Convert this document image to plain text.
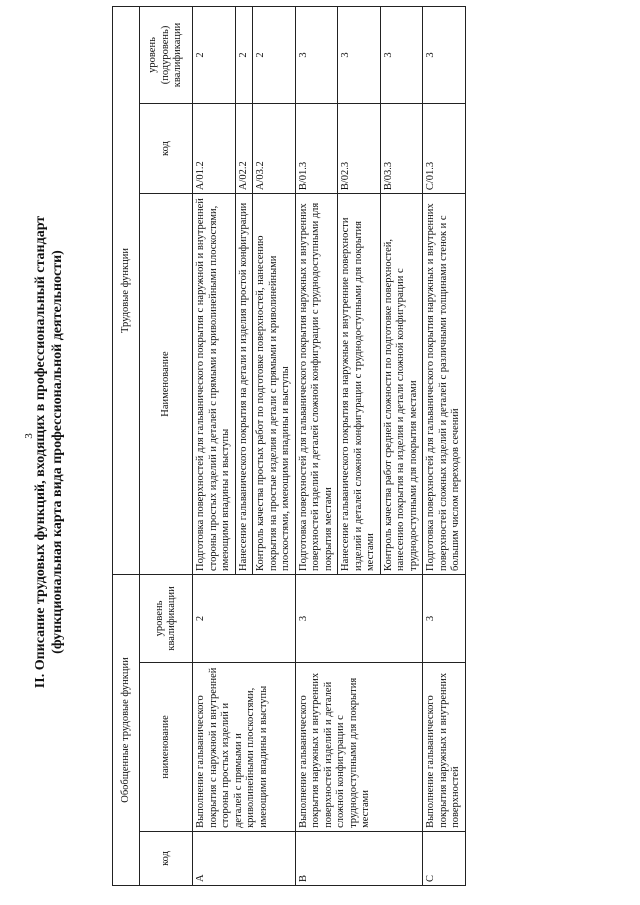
3
II. Описание трудовых функций, входящих в профессиональный стандарт (функциональная карта вида профессиональной деятельности)
Обобщенные трудовые функции			Трудовые функции		
код	наименование	уровень квалификации	Наименование	код	уровень (подуровень) квалификации
A	Выполнение гальванического покрытия с наружной и внутренней стороны простых изделий и деталей с прямыми и криволинейными плоскостями, имеющими впадины и выступы	2	Подготовка поверхностей для гальванического покрытия с наружной и внутренней стороны простых изделий и деталей с прямыми и криволинейными плоскостями, имеющими впадины и выступы	A/01.2	2
			Нанесение гальванического покрытия на детали и изделия простой конфигурации	A/02.2	2
			Контроль качества простых работ по подготовке поверхностей, нанесению покрытия на простые изделия и детали с прямыми и криволинейными плоскостями, имеющими впадины и выступы	A/03.2	2
B	Выполнение гальванического покрытия наружных и внутренних поверхностей изделий и деталей сложной конфигурации с труднодоступными для покрытия местами	3	Подготовка поверхностей для гальванического покрытия наружных и внутренних поверхностей изделий и деталей сложной конфигурации с труднодоступными для покрытия местами	B/01.3	3
			Нанесение гальванического покрытия на наружные и внутренние поверхности изделий и деталей сложной конфигурации с труднодоступными для покрытия местами	B/02.3	3
			Контроль качества работ средней сложности по подготовке поверхностей, нанесению покрытия на изделия и детали сложной конфигурации с труднодоступными для покрытия местами	B/03.3	3
C	Выполнение гальванического покрытия наружных и внутренних поверхностей	3	Подготовка поверхностей для гальванического покрытия наружных и внутренних поверхностей сложных изделий и деталей с различными толщинами стенок и с большим числом переходов сечений	C/01.3	3
